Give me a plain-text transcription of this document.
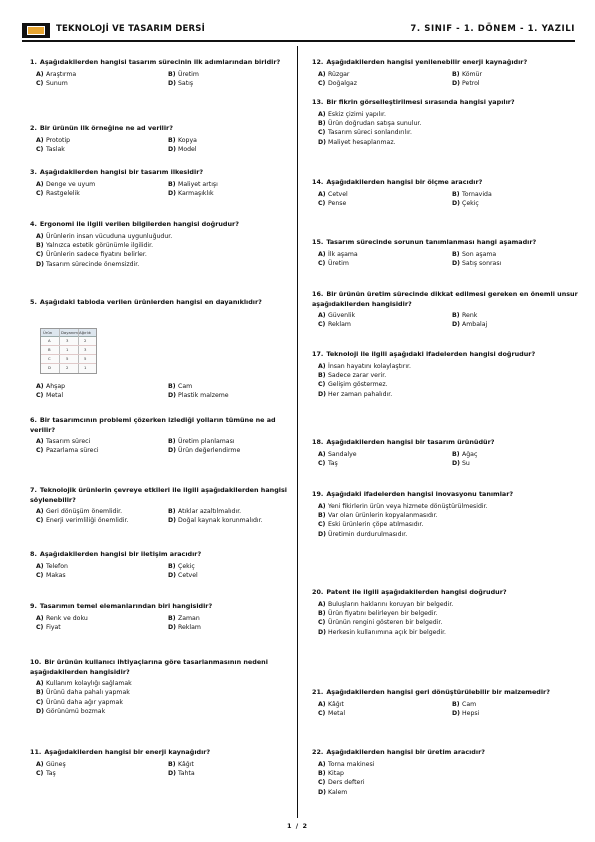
TEKNOLOJİ VE TASARIM DERSİ	7. SINIF - 1. DÖNEM - 1. YAZILI
1. Aşağıdakilerden hangisi tasarım sürecinin ilk adımlarından biridir?
A) Araştırma	B) Üretim
C) Sunum	D) Satış
2. Bir ürünün ilk örneğine ne ad verilir?
A) Prototip	B) Kopya
C) Taslak	D) Model
3. Aşağıdakilerden hangisi bir tasarım ilkesidir?
A) Denge ve uyum	B) Maliyet artışı
C) Rastgelelik	D) Karmaşıklık
4. Ergonomi ile ilgili verilen bilgilerden hangisi doğrudur?
A) Ürünlerin insan vücuduna uygunluğudur.
B) Yalnızca estetik görünümle ilgilidir.
C) Ürünlerin sadece fiyatını belirler.
D) Tasarım sürecinde önemsizdir.
5. Aşağıdaki tabloda verilen ürünlerden hangisi en dayanıklıdır?
Ürün Dayanım Ağırlık
A	3	2
B	1	3
C	5	5
D	2	1
A) Ahşap	B) Cam
C) Metal	D) Plastik malzeme
6. Bir tasarımcının problemi çözerken izlediği yolların tümüne ne ad verilir?
A) Tasarım süreci	B) Üretim planlaması
C) Pazarlama süreci	D) Ürün değerlendirme
7. Teknolojik ürünlerin çevreye etkileri ile ilgili aşağıdakilerden hangisi söylenebilir?
A) Geri dönüşüm önemlidir.	B) Atıklar azaltılmalıdır.
C) Enerji verimliliği önemlidir.	D) Doğal kaynak korunmalıdır.
8. Aşağıdakilerden hangisi bir iletişim aracıdır?
A) Telefon	B) Çekiç
C) Makas	D) Cetvel
9. Tasarımın temel elemanlarından biri hangisidir?
A) Renk ve doku	B) Zaman
C) Fiyat	D) Reklam
10. Bir ürünün kullanıcı ihtiyaçlarına göre tasarlanmasının nedeni aşağıdakilerden hangisidir?
A) Kullanım kolaylığı sağlamak
B) Ürünü daha pahalı yapmak
C) Ürünü daha ağır yapmak
D) Görünümü bozmak
11. Aşağıdakilerden hangisi bir enerji kaynağıdır?
A) Güneş	B) Kâğıt
C) Taş	D) Tahta
12. Aşağıdakilerden hangisi yenilenebilir enerji kaynağıdır?
A) Rüzgar	B) Kömür
C) Doğalgaz	D) Petrol
13. Bir fikrin görselleştirilmesi sırasında hangisi yapılır?
A) Eskiz çizimi yapılır.
B) Ürün doğrudan satışa sunulur.
C) Tasarım süreci sonlandırılır.
D) Maliyet hesaplanmaz.
14. Aşağıdakilerden hangisi bir ölçme aracıdır?
A) Cetvel	B) Tornavida
C) Pense	D) Çekiç
15. Tasarım sürecinde sorunun tanımlanması hangi aşamadır?
A) İlk aşama	B) Son aşama
C) Üretim	D) Satış sonrası
16. Bir ürünün üretim sürecinde dikkat edilmesi gereken en önemli unsur aşağıdakilerden hangisidir?
A) Güvenlik	B) Renk
C) Reklam	D) Ambalaj
17. Teknoloji ile ilgili aşağıdaki ifadelerden hangisi doğrudur?
A) İnsan hayatını kolaylaştırır.
B) Sadece zarar verir.
C) Gelişim göstermez.
D) Her zaman pahalıdır.
18. Aşağıdakilerden hangisi bir tasarım ürünüdür?
A) Sandalye	B) Ağaç
C) Taş	D) Su
19. Aşağıdaki ifadelerden hangisi inovasyonu tanımlar?
A) Yeni fikirlerin ürün veya hizmete dönüştürülmesidir.
B) Var olan ürünlerin kopyalanmasıdır.
C) Eski ürünlerin çöpe atılmasıdır.
D) Üretimin durdurulmasıdır.
20. Patent ile ilgili aşağıdakilerden hangisi doğrudur?
A) Buluşların haklarını koruyan bir belgedir.
B) Ürün fiyatını belirleyen bir belgedir.
C) Ürünün rengini gösteren bir belgedir.
D) Herkesin kullanımına açık bir belgedir.
21. Aşağıdakilerden hangisi geri dönüştürülebilir bir malzemedir?
A) Kâğıt	B) Cam
C) Metal	D) Hepsi
22. Aşağıdakilerden hangisi bir üretim aracıdır?
A) Torna makinesi
B) Kitap
C) Ders defteri
D) Kalem
1 / 2
